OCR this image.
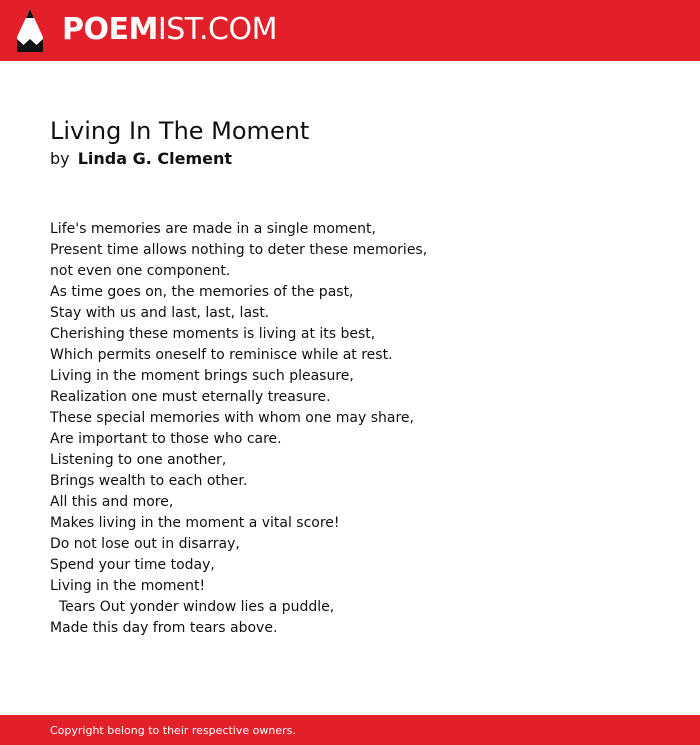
POEMIST.COM
Living In The Moment
by Linda G. Clement
Life's memories are made in a single moment,
Present time allows nothing to deter these memories,
not even one component.
As time goes on, the memories of the past,
Stay with us and last, last, last.
Cherishing these moments is living at its best,
Which permits oneself to reminisce while at rest.
Living in the moment brings such pleasure,
Realization one must eternally treasure.
These special memories with whom one may share,
Are important to those who care.
Listening to one another,
Brings wealth to each other.
All this and more,
Makes living in the moment a vital score!
Do not lose out in disarray,
Spend your time today,
Living in the moment!
Tears Out yonder window lies a puddle,
Made this day from tears above.
Copyright belong to their respective owners.
